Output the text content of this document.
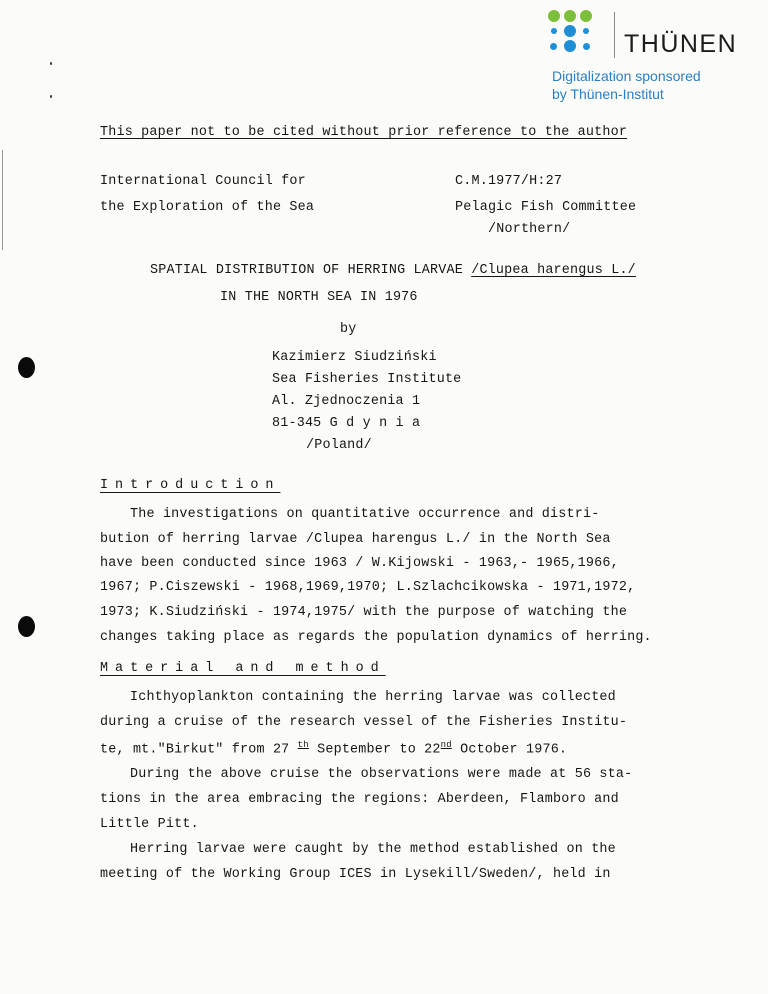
THÜNEN
Digitalization sponsored
by Thünen-Institut
This paper not to be cited without prior reference to the author
International Council for
the Exploration of the Sea
C.M.1977/H:27
Pelagic Fish Committee
/Northern/
SPATIAL DISTRIBUTION OF HERRING LARVAE /Clupea harengus L./
IN THE NORTH SEA IN 1976
by
Kazimierz Siudziński
Sea Fisheries Institute
Al. Zjednoczenia 1
81-345 G d y n i a
/Poland/
Introduction
The investigations on quantitative occurrence and distri-
bution of herring larvae /Clupea harengus L./ in the North Sea
have been conducted since 1963 / W.Kijowski - 1963,- 1965,1966,
1967; P.Ciszewski - 1968,1969,1970; L.Szlachcikowska - 1971,1972,
1973; K.Siudziński - 1974,1975/ with the purpose of watching the
changes taking place as regards the population dynamics of herring.
Material and method
Ichthyoplankton containing the herring larvae was collected
during a cruise of the research vessel of the Fisheries Institu-
te, mt."Birkut" from 27 $^{th}$ September to 22nd October 1976.
During the above cruise the observations were made at 56 sta-
tions in the area embracing the regions: Aberdeen, Flamboro and
Little Pitt.
Herring larvae were caught by the method established on the
meeting of the Working Group ICES in Lysekill/Sweden/, held in
